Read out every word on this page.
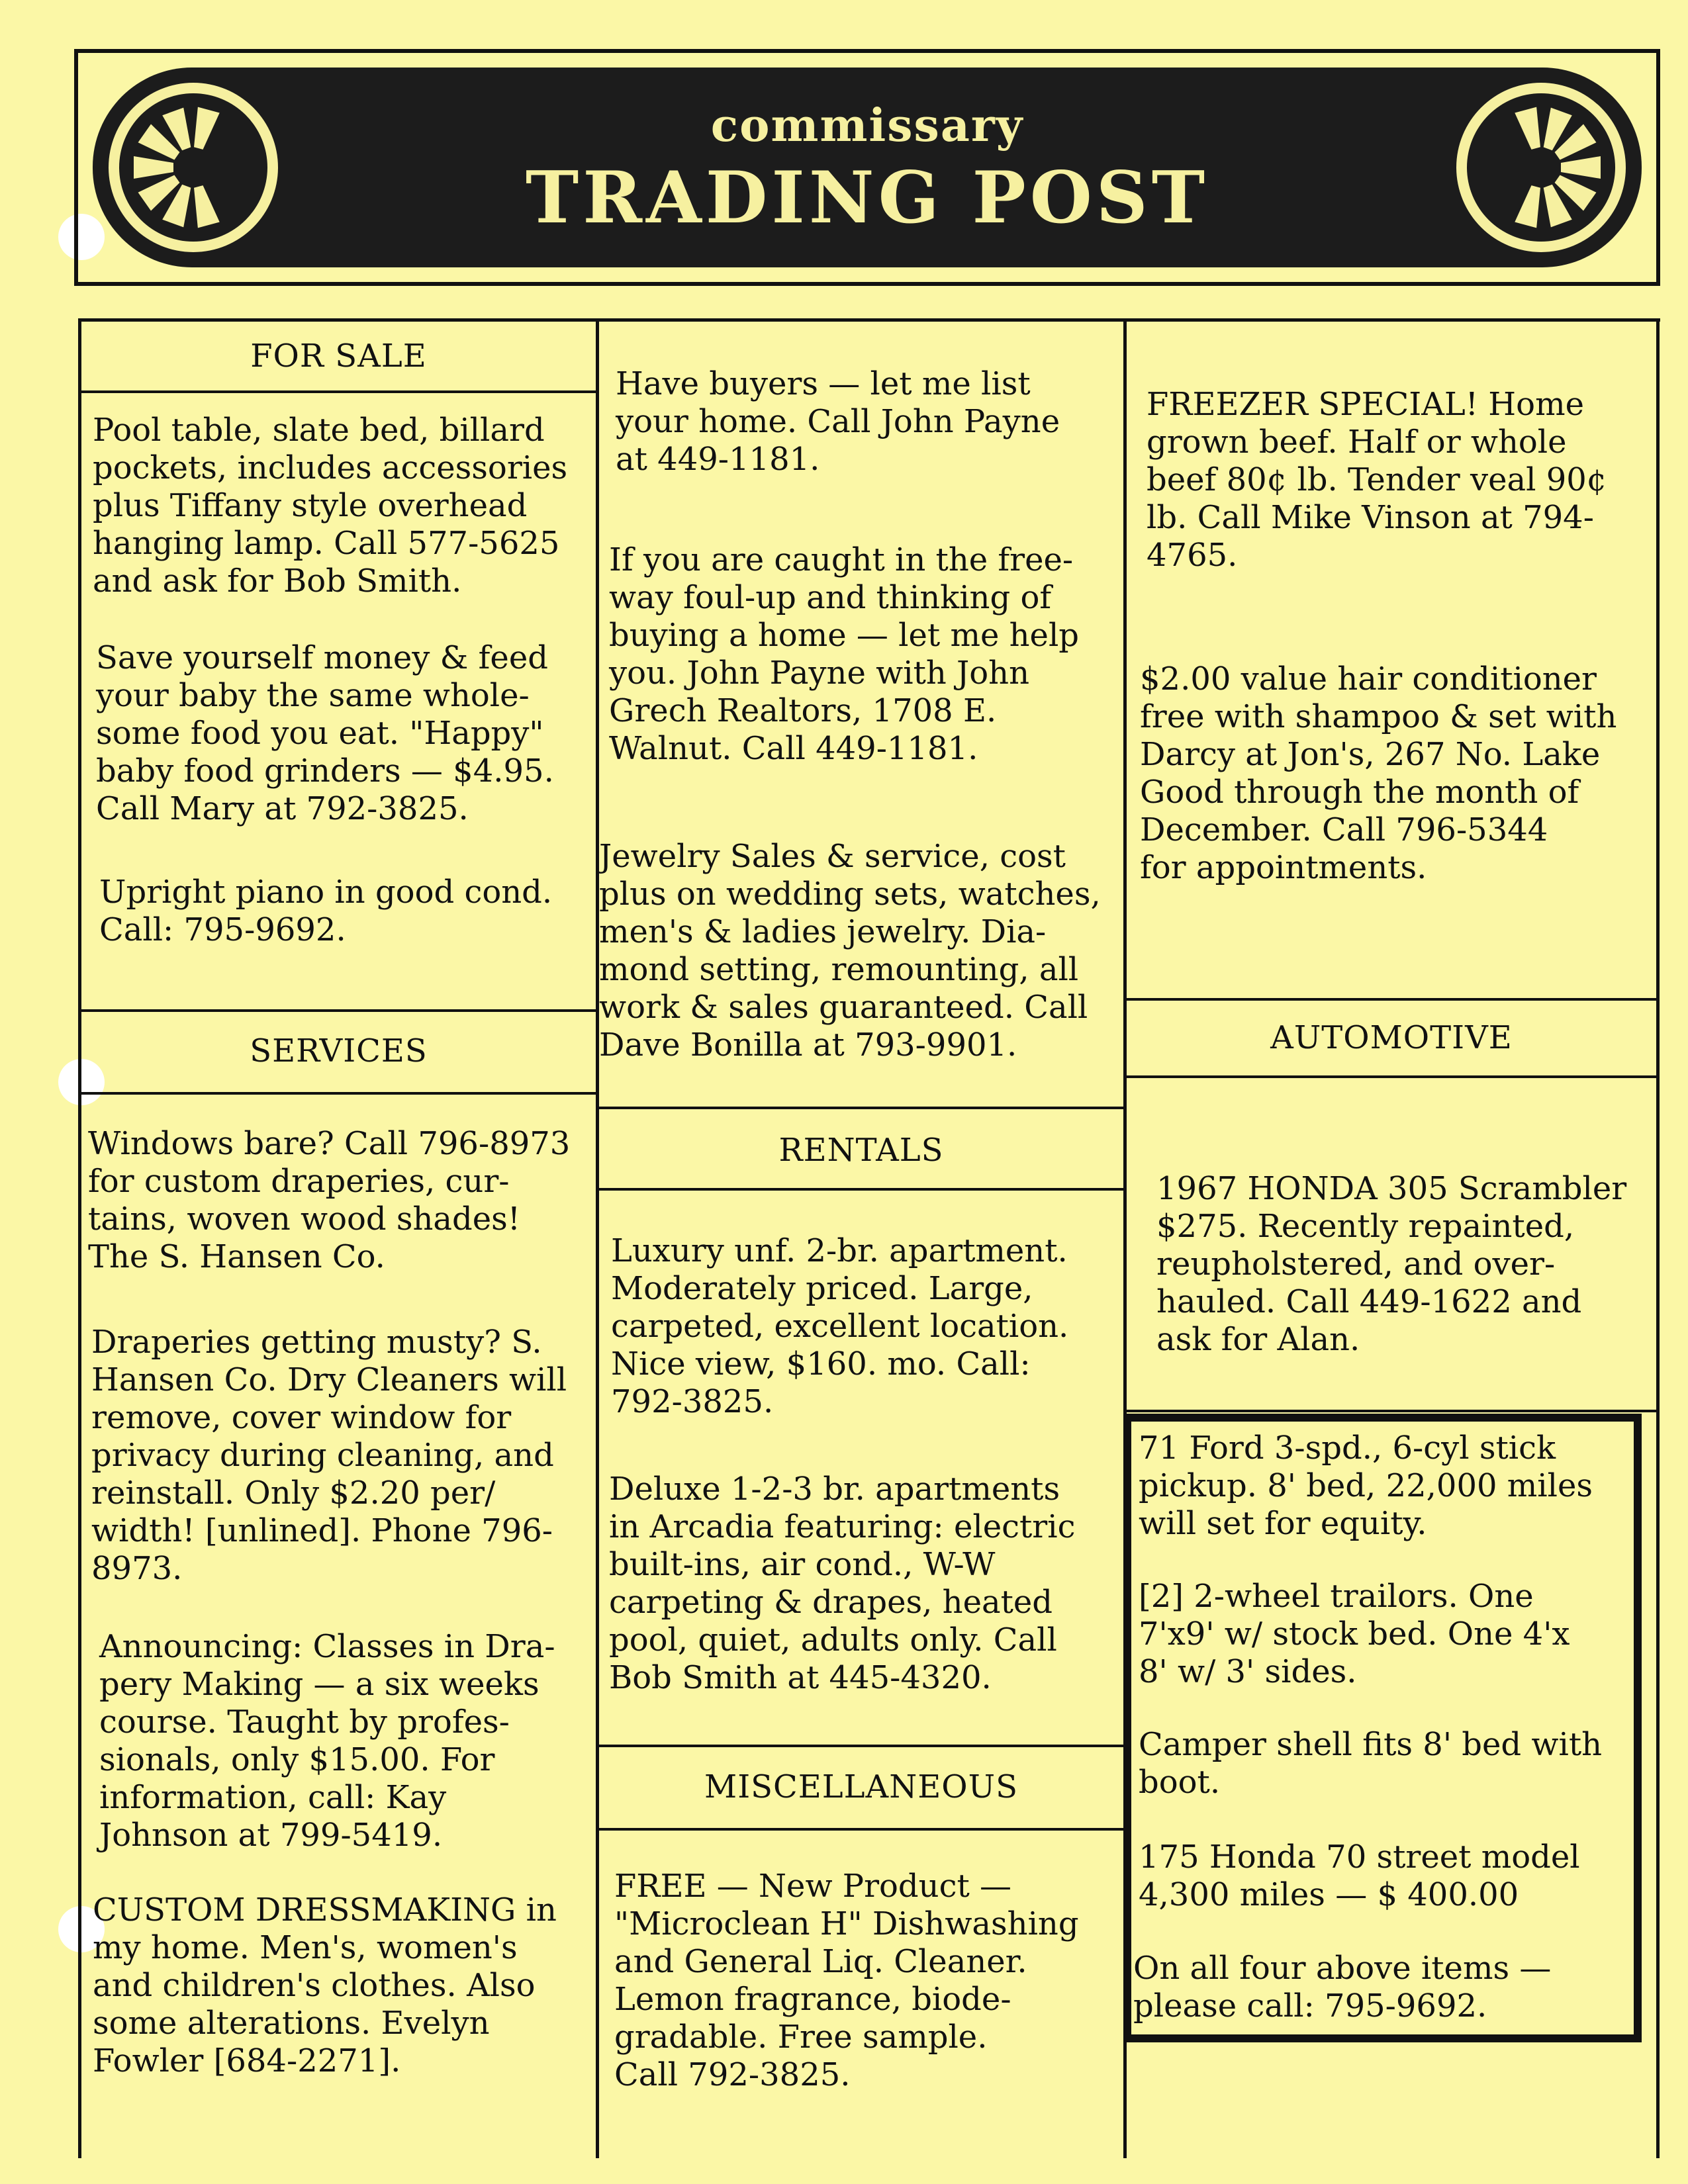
commissary
TRADING POST
FOR SALE
SERVICES
RENTALS
MISCELLANEOUS
AUTOMOTIVE
Pool table, slate bed, billard
pockets, includes accessories
plus Tiffany style overhead
hanging lamp. Call 577-5625
and ask for Bob Smith.
Save yourself money & feed
your baby the same whole-
some food you eat. "Happy"
baby food grinders — $4.95.
Call Mary at 792-3825.
Upright piano in good cond.
Call: 795-9692.
Have buyers — let me list
your home. Call John Payne
at 449-1181.
If you are caught in the free-
way foul-up and thinking of
buying a home — let me help
you. John Payne with John
Grech Realtors, 1708 E.
Walnut. Call 449-1181.
Jewelry Sales & service, cost
plus on wedding sets, watches,
men's & ladies jewelry. Dia-
mond setting, remounting, all
work & sales guaranteed. Call
Dave Bonilla at 793-9901.
FREEZER SPECIAL! Home
grown beef. Half or whole
beef 80¢ lb. Tender veal 90¢
lb. Call Mike Vinson at 794-
4765.
$2.00 value hair conditioner
free with shampoo & set with
Darcy at Jon's, 267 No. Lake
Good through the month of
December. Call 796-5344
for appointments.
Windows bare? Call 796-8973
for custom draperies, cur-
tains, woven wood shades!
The S. Hansen Co.
Draperies getting musty? S.
Hansen Co. Dry Cleaners will
remove, cover window for
privacy during cleaning, and
reinstall. Only $2.20 per/
width! [unlined]. Phone 796-
8973.
Announcing: Classes in Dra-
pery Making — a six weeks
course. Taught by profes-
sionals, only $15.00. For
information, call: Kay
Johnson at 799-5419.
CUSTOM DRESSMAKING in
my home. Men's, women's
and children's clothes. Also
some alterations. Evelyn
Fowler [684-2271].
Luxury unf. 2-br. apartment.
Moderately priced. Large,
carpeted, excellent location.
Nice view, $160. mo. Call:
792-3825.
Deluxe 1-2-3 br. apartments
in Arcadia featuring: electric
built-ins, air cond., W-W
carpeting & drapes, heated
pool, quiet, adults only. Call
Bob Smith at 445-4320.
FREE — New Product —
"Microclean H" Dishwashing
and General Liq. Cleaner.
Lemon fragrance, biode-
gradable. Free sample.
Call 792-3825.
1967 HONDA 305 Scrambler
$275. Recently repainted,
reupholstered, and over-
hauled. Call 449-1622 and
ask for Alan.
71 Ford 3-spd., 6-cyl stick
pickup. 8' bed, 22,000 miles
will set for equity.
[2] 2-wheel trailors. One
7'x9' w/ stock bed. One 4'x
8' w/ 3' sides.
Camper shell fits 8' bed with
boot.
175 Honda 70 street model
4,300 miles — $ 400.00
On all four above items —
please call: 795-9692.
